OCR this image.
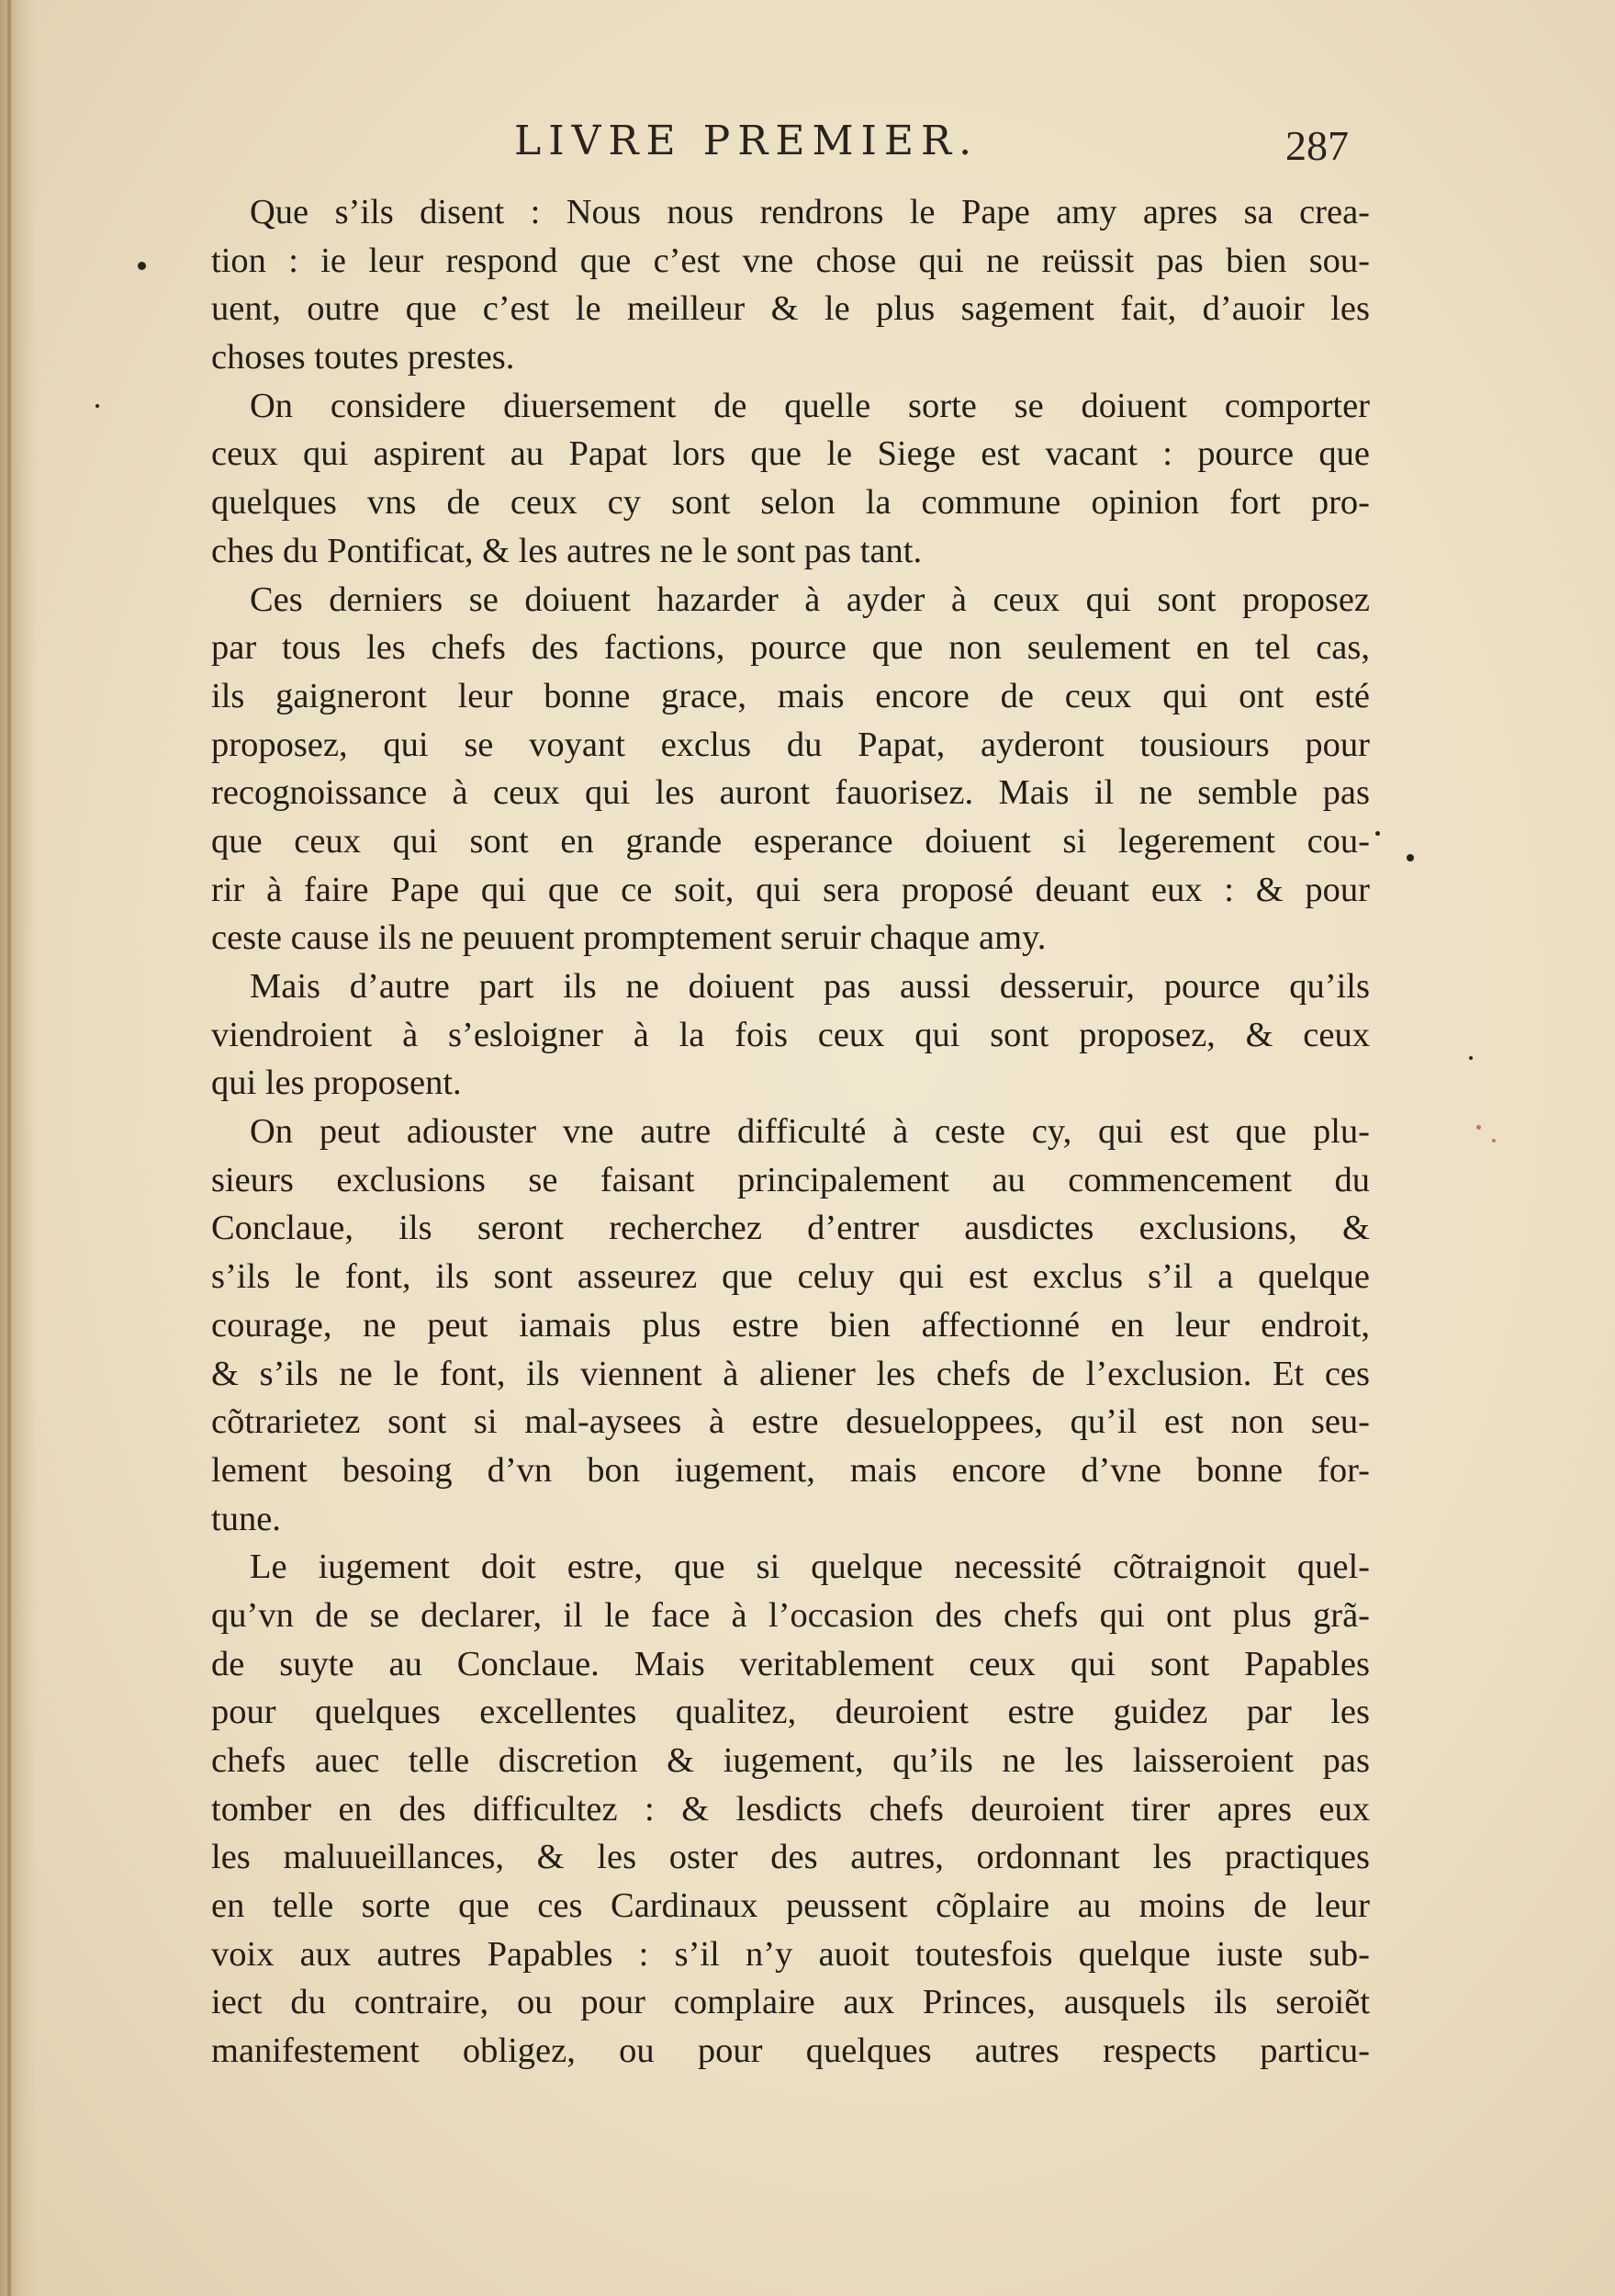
LIVRE PREMIER.	287
Que s’ils disent : Nous nous rendrons le Pape amy apres sa crea-
tion : ie leur respond que c’est vne chose qui ne reüssit pas bien sou-
uent, outre que c’est le meilleur & le plus sagement fait, d’auoir les
choses toutes prestes.
On considere diuersement de quelle sorte se doiuent comporter
ceux qui aspirent au Papat lors que le Siege est vacant : pource que
quelques vns de ceux cy sont selon la commune opinion fort pro-
ches du Pontificat, & les autres ne le sont pas tant.
Ces derniers se doiuent hazarder à ayder à ceux qui sont proposez
par tous les chefs des factions, pource que non seulement en tel cas,
ils gaigneront leur bonne grace, mais encore de ceux qui ont esté
proposez, qui se voyant exclus du Papat, ayderont tousiours pour
recognoissance à ceux qui les auront fauorisez. Mais il ne semble pas
que ceux qui sont en grande esperance doiuent si legerement cou-
rir à faire Pape qui que ce soit, qui sera proposé deuant eux : & pour
ceste cause ils ne peuuent promptement seruir chaque amy.
Mais d’autre part ils ne doiuent pas aussi desseruir, pource qu’ils
viendroient à s’esloigner à la fois ceux qui sont proposez, & ceux
qui les proposent.
On peut adiouster vne autre difficulté à ceste cy, qui est que plu-
sieurs exclusions se faisant principalement au commencement du
Conclaue, ils seront recherchez d’entrer ausdictes exclusions, &
s’ils le font, ils sont asseurez que celuy qui est exclus s’il a quelque
courage, ne peut iamais plus estre bien affectionné en leur endroit,
& s’ils ne le font, ils viennent à aliener les chefs de l’exclusion. Et ces
cõtrarietez sont si mal-aysees à estre desueloppees, qu’il est non seu-
lement besoing d’vn bon iugement, mais encore d’vne bonne for-
tune.
Le iugement doit estre, que si quelque necessité cõtraignoit quel-
qu’vn de se declarer, il le face à l’occasion des chefs qui ont plus grã-
de suyte au Conclaue. Mais veritablement ceux qui sont Papables
pour quelques excellentes qualitez, deuroient estre guidez par les
chefs auec telle discretion & iugement, qu’ils ne les laisseroient pas
tomber en des difficultez : & lesdicts chefs deuroient tirer apres eux
les maluueillances, & les oster des autres, ordonnant les practiques
en telle sorte que ces Cardinaux peussent cõplaire au moins de leur
voix aux autres Papables : s’il n’y auoit toutesfois quelque iuste sub-
iect du contraire, ou pour complaire aux Princes, ausquels ils seroiẽt
manifestement obligez, ou pour quelques autres respects particu-
